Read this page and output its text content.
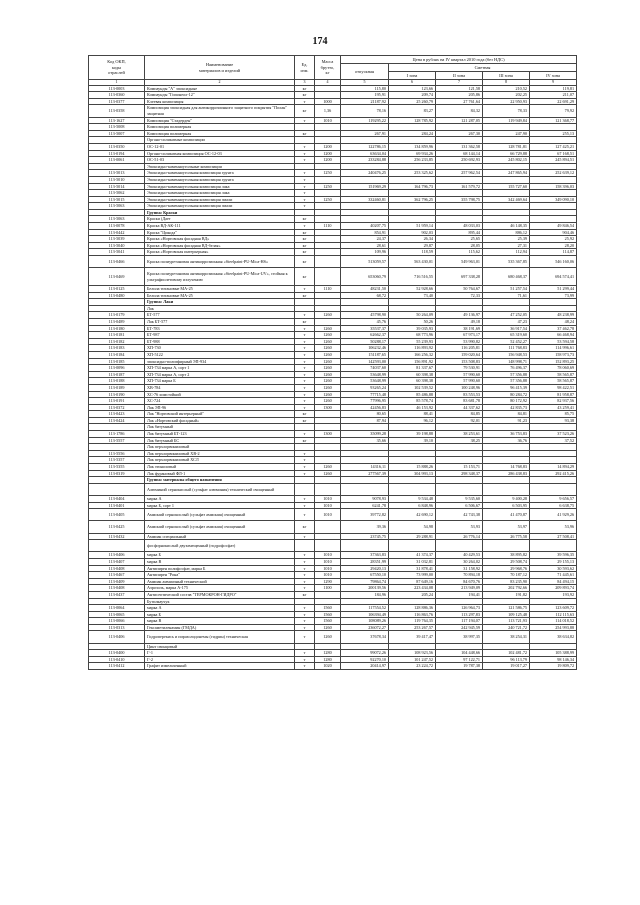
174
Код ОКП,
коды
отраслей	Наименование
материалов и изделий	Ед.
изм.	Масса
брутто,
кг	Цена в рублях на IV квартал 2010 года (без НДС)				
				отпускная	Сметная			
					I зона	II зона	III зона	IV зона
1	2	3	4	5	6	7	8	9
113-0003	Компаунды "А" эпоксидные	кг		115,80	123,66	121,58	210,52	119,81
113-0360	Компаунды "Гипонеол-12"	кг		195,91	209,74	205,86	202,25	211,07
113-0377	Клеевая композиция	т	1000	21187,92	25 260,79	27 761,64	22 950,93	22 691,29
113-0358	Композиция эпоксидная для антикоррозионного защитного покрытия "Полан" защитная	кг	1,36	78,16	83,27	84,32	78,33	79,92
113-1627	Композиция "Стадерден"	т	1010	119295,22	128 785,92	121 287,05	119 949,84	121 368,77
113-5008	Композиция полимерная							
113-5007	Композиция полимерная	кг		267,91	284,24	267,30	247,90	255,13
	Органо-силикатные композиции							
113-0350	ОС-12-01	т	1200	122786,15	134 859,96	131 362,58	128 781,81	127 425,21
113-0194	Органо-силикатная композиция ОС-12-03	т	1200	63634,04	69 934,26	68 144,14	66 729,88	67 168,51
113-0061	ОС-51-03	т	1200	233284,88	256 233,85	250 692,93	245 802,15	245 894,51
	Эпоксидно-каменноугольные композиции							
113-5013	Эпоксидно-каменноугольная композиция грунта	т	1250	240476,25	253 325,62	257 962,54	247 865,94	252 639,12
113-5010	Эпоксидно-каменноугольная композиция грунта	т						
113-5014	Эпоксидно-каменноугольная композиция лака	т	1250	151969,29	164 796,73	161 579,72	155 727,60	158 396,03
113-5062	Эпоксидно-каменноугольная композиция лака	т						
113-5015	Эпоксидно-каменноугольная композиция эмали	т	1250	332460,81	362 796,25	355 798,75	342 469,64	349 090,10
113-5063	Эпоксидно-каменноугольная композиция эмали	т						
	Группа: Краски							
113-5063	Краски (Дает	кг						
113-0078	Краска ВД-АК-111	т	1110	40207,75	51 959,14	48 033,03	46 148,35	49 846,54
113-0442	Краска "Цикода"	кг		854,91	902,03	895,44	886,12	904,46
113-5039	Краска «Нортовская фасадная ВД»	кг		24,37	26,34	25,65	25,39	25,92
113-5040	Краска «Нортовская фасадная ВД-белая»	кг		28,61	29,87	28,05	27,31	28,20
113-5041	Краска «Нортовская интерьерная»	кг		109,96	118,59	115,62	112,94	114,87
113-0466	Краска полиуретановая антикоррозионная «Steelpaint-PU-Mica-HS»	кг		513059,57	563 430,01	549 963,01	535 367,85	546 160,06
113-0469	Краска полиуретановая антикоррозионная «Steelpaint-PU-Mica-UV», стойкая к ультрафиолетовому излучению	кг		653060,79	716 516,55	697 338,28	680 468,37	694 574,41
113-0125	Белила титановые МА-25	т	1110	48231,50	52 928,66	50 764,67	51 257,54	51 299,44
113-0480	Белила титановые МА-25	кг		68,72	73,40	72,33	71,61	73,99
	Группа: Лаки							
	Лак							
113-0179	БТ-577	т	1260	45798,90	50 264,09	49 136,97	47 252,05	48 238,99
113-0489	Лак БТ-577	кг		45,76	50,26	49,18	47,23	48,24
113-0180	БТ-783	т	1260	35537,37	39 035,93	38 191,69	36 917,54	37 462,78
113-0181	БТ-987	т	1260	62662,37	68 773,96	67 973,17	65 319,60	66 468,94
113-0182	БТ-988	т	1260	50288,17	55 239,93	53 990,82	52 452,27	53 594,58
113-0183	ХП-730	т	1260	106232,46	116 893,92	116 205,81	111 768,83	114 996,61
113-0184	ХП-5122	т	1260	151187,65	166 256,32	159 020,64	156 948,53	158 973,73
113-0185	эпоксидно-полиэфирный ЭП-934	т	1260	142593,00	156 891,92	153 508,83	148 998,71	152 893,25
113-0096	ХП-734 марка А, сорт 1	т	1260	74037,60	81 337,67	79 530,91	76 496,37	78 060,69
113-0187	ХП-734 марка А, сорт 2	т	1260	53648,99	60 398,38	57 990,60	57 356,88	58 565,87
113-0188	ХП-734 марка Б	т	1260	53648,99	60 398,38	57 990,60	57 356,88	58 565,87
113-0189	ХВ-784	т	1260	93265,24	102 539,52	100 248,96	96 415,39	98 422,51
113-0190	ХС-76 химстойкий	т	1260	77715,48	85 486,88	83 553,53	80 284,72	81 958,87
113-0191	ХС-724	т	1260	77996,95	85 578,74	83 681,78	80 172,92	82 937,56
113-0372	Лак ЭП-96	т	1300	42456,83	46 153,92	44 337,62	42 835,73	43 259,41
113-0423	Лак "Нортовский интерьерный"	кг		80,65	88,41	84,85	84,81	85,75
113-0424	Лак «Нортовский фасадный»	кг		87,94	96,12	92,01	91,23	93,38
	Лак битумный							
113-1786	Лак битумный БТ-123	т	1300	35099,28	39 198,88	38 253,61	36 753,83	37 523,26
113-5557	Лак битумный БС	кг		35,66	39,10	38,25	36,76	37,52
	Лак перхлорвиниловый							
113-5556	Лак перхлорвиниловый ХВ-2	т						
113-5357	Лак перхлорвиниловый ХСЛ	т						
113-5355	Лак этиноловый	т	1260	14316,11	15 888,26	15 153,71	14 768,83	14 894,29
113-0319	Лак фурановый ФЛ-1	т	1260	277567,39	304 993,13	298 348,37	286 438,83	292 415,26
	Группа: материалы общего назначения							
	Алюминий сернокислый (сульфат алюминия) технический очищенный							
113-0404	марка А	т	1010	9078,93	9 534,48	9 535,60	9 400,28	9 656,57
113-0401	марка Б, сорт 1	т	1010	6241,78	6 848,96	6 506,67	6 503,95	6 638,75
113-0405	Аммоний сернокислый (сульфат аммония) очищенный	т	1010	39772,82	42 690,12	42 743,38	41 470,87	41 929,26
113-0425	Аммоний сернокислый (сульфат аммония) очищенный	кг		39,36	54,98	53,93	53,97	53,96
113-0432	Аммиак специальный	т		23745,75	29 288,91	26 776,14	26 775,58	27 508,41
	фосфорнокислый двузамещенный (гидрофосфат)							
113-0406	марка Б	т	1010	37363,83	41 374,37	40 429,53	38 895,82	39 596,35
113-0407	марка В	т	1010	28351,99	31 032,81	30 264,02	29 508,74	29 155,13
113-0408	Антипирен полифосфат, марка Б	т	1010	29420,13	31 878,41	31 158,92	29 968,76	30 593,62
113-0467	Антипирен "Рона"	т	1010	67550,10	73 999,00	70 894,18	70 187,12	71 445,61
113-0409	Аммиак аммиачный технический	т	1290	79864,74	87 649,16	84 670,76	83 235,90	84 494,15
113-0408	Аэрозоль, марка А-175	т	1100	200139,56	223 434,08	213 949,09	202 792,66	209 893,74
113-0437	Антисептический состав "ТЕРМОКРОН-ГИДРО"	кг		184,96	205,24	194,41	191,82	193,92
	Бутилкаучук							
113-0064	марка А	т	1560	117554,52	128 886,36	126 964,73	121 586,75	123 609,72
113-0065	марка Б	т	1560	106394,49	116 863,76	113 297,83	109 125,48	112 115,63
113-0066	марка В	т	1560	108089,26	119 764,35	117 194,07	113 721,93	114 018,52
113-0313	Гексаметиленамин (ГМДА)	т	1260	236072,27	253 267,57	242 945,59	240 721,72	254 993,88
113-0406	Гидроперекись и пиразолидонемы (гидрин) техническая	т	1260	37678,34	39 417,47	38 997,35	38 254,31	38 634,82
	Цинт свинцовый							
113-0400	Г-1	т	1280	99072,26	108 923,56	104 448,66	102 481,72	105 388,99
113-0410	Г-2	т	1280	92270,10	101 247,52	97 122,71	96 113,79	98 146,34
113-0412	Графит измельченный	т	1020	20414,97	23 224,72	19 787,38	19 017,27	19 809,72
